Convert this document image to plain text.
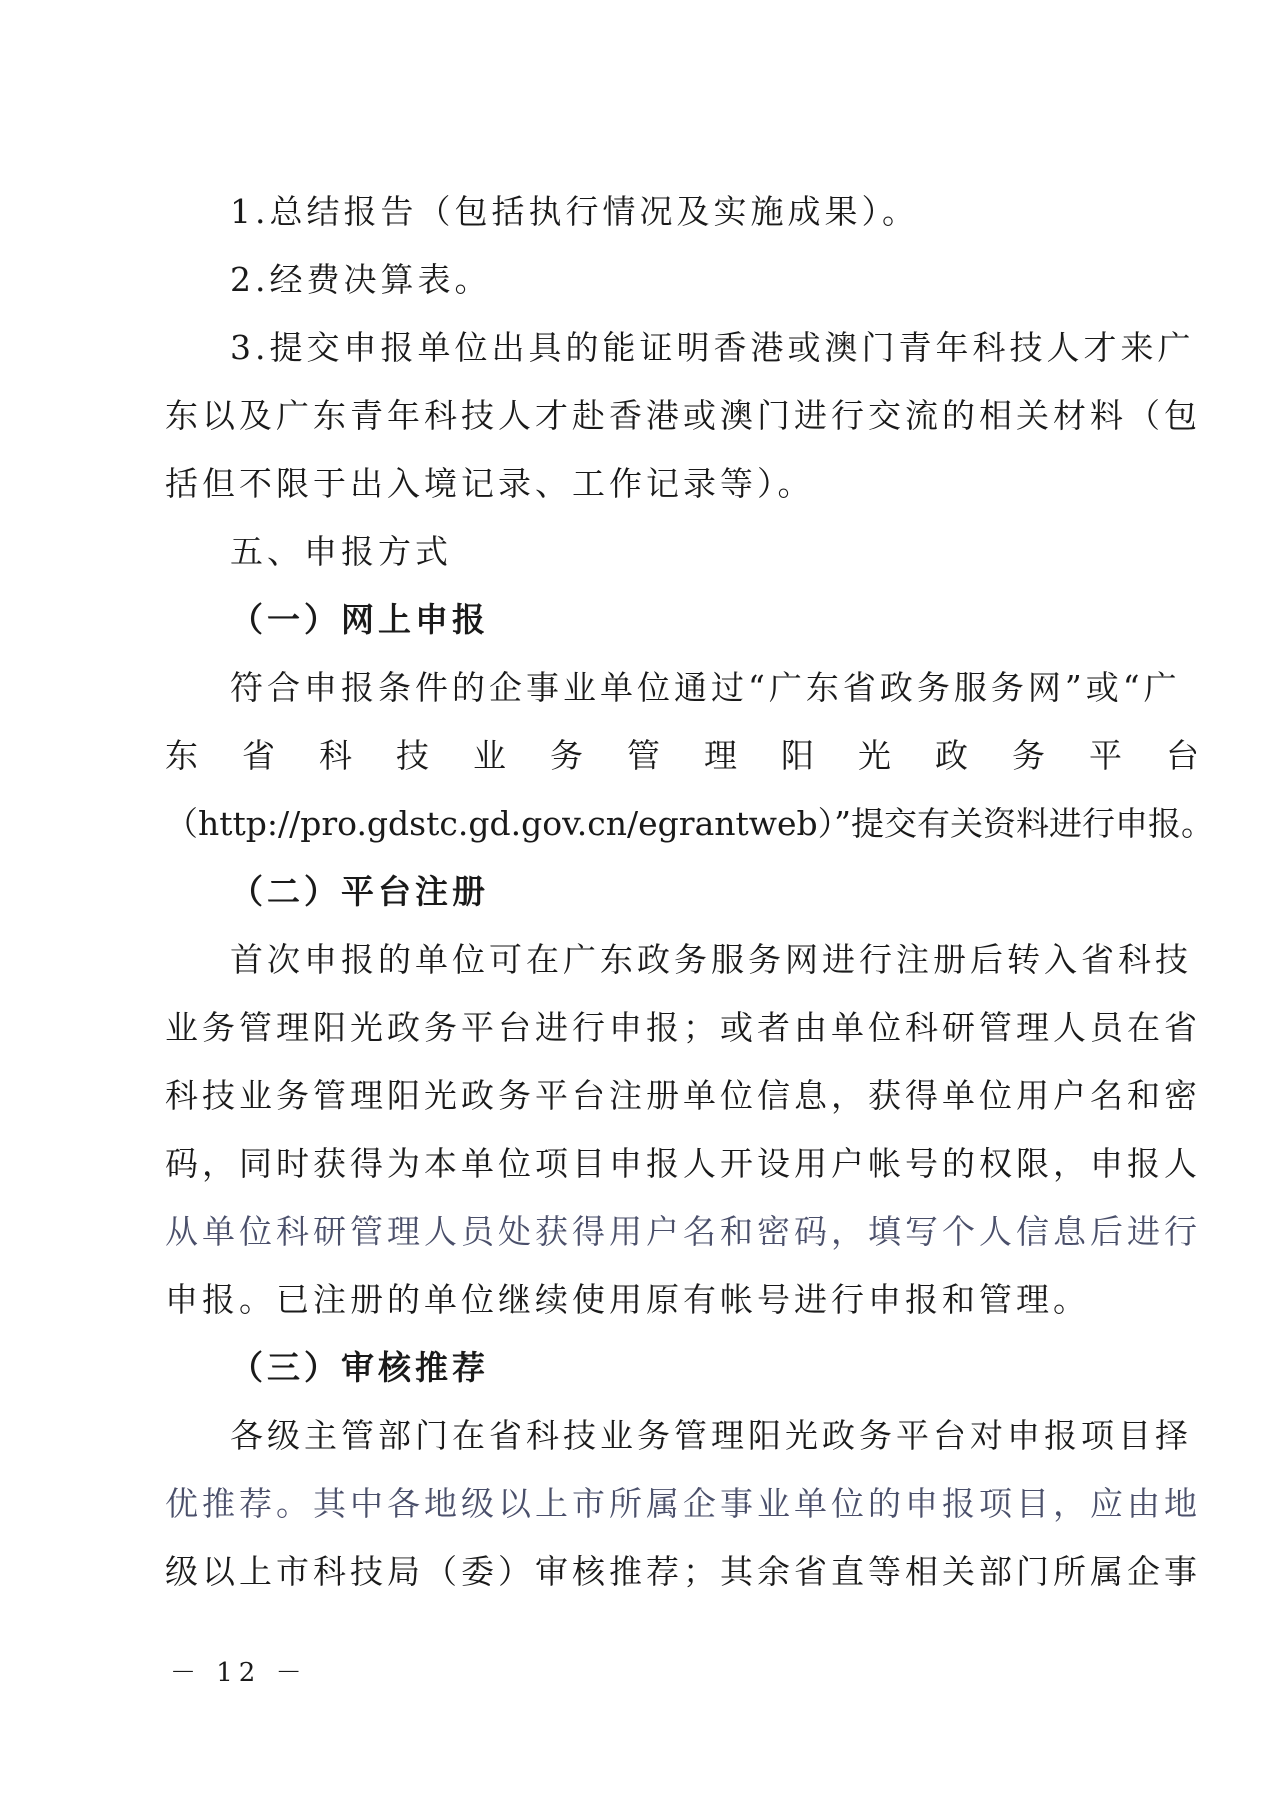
1.总结报告（包括执行情况及实施成果）。
2.经费决算表。
3.提交申报单位出具的能证明香港或澳门青年科技人才来广
东以及广东青年科技人才赴香港或澳门进行交流的相关材料（包
括但不限于出入境记录、工作记录等）。
五、申报方式
（一）网上申报
符合申报条件的企事业单位通过“广东省政务服务网”或“广
东省科技业务管理阳光政务平台
（http://pro.gdstc.gd.gov.cn/egrantweb）”提交有关资料进行申报。
（二）平台注册
首次申报的单位可在广东政务服务网进行注册后转入省科技
业务管理阳光政务平台进行申报；或者由单位科研管理人员在省
科技业务管理阳光政务平台注册单位信息，获得单位用户名和密
码，同时获得为本单位项目申报人开设用户帐号的权限，申报人
从单位科研管理人员处获得用户名和密码，填写个人信息后进行
申报。已注册的单位继续使用原有帐号进行申报和管理。
（三）审核推荐
各级主管部门在省科技业务管理阳光政务平台对申报项目择
优推荐。其中各地级以上市所属企事业单位的申报项目，应由地
级以上市科技局（委）审核推荐；其余省直等相关部门所属企事
－ 12 －
